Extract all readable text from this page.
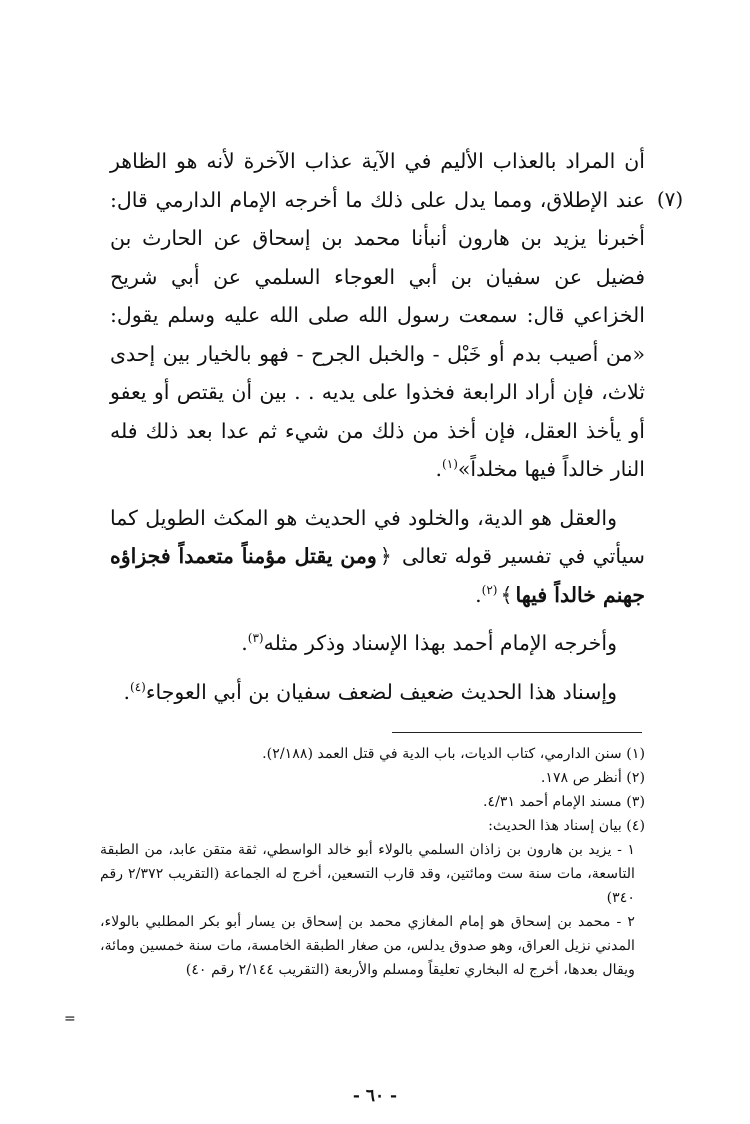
(٧)

أن المراد بالعذاب الأليم في الآية عذاب الآخرة لأنه هو الظاهر عند الإطلاق، ومما يدل على ذلك ما أخرجه الإمام الدارمي قال: أخبرنا يزيد بن هارون أنبأنا محمد بن إسحاق عن الحارث بن فضيل عن سفيان بن أبي العوجاء السلمي عن أبي شريح الخزاعي قال: سمعت رسول الله صلى الله عليه وسلم يقول: «من أصيب بدم أو خَبْل - والخبل الجرح - فهو بالخيار بين إحدى ثلاث، فإن أراد الرابعة فخذوا على يديه . . بين أن يقتص أو يعفو أو يأخذ العقل، فإن أخذ من ذلك من شيء ثم عدا بعد ذلك فله النار خالداً فيها مخلداً»$^{(١)}$.

والعقل هو الدية، والخلود في الحديث هو المكث الطويل كما سيأتي في تفسير قوله تعالى ﴿ومن يقتل مؤمناً متعمداً فجزاؤه جهنم خالداً فيها﴾$^{(٢)}$.

وأخرجه الإمام أحمد بهذا الإسناد وذكر مثله$^{(٣)}$.

وإسناد هذا الحديث ضعيف لضعف سفيان بن أبي العوجاء$^{(٤)}$.

(١) سنن الدارمي، كتاب الديات، باب الدية في قتل العمد (٢/١٨٨).

(٢) أنظر ص ١٧٨.

(٣) مسند الإمام أحمد ٤/٣١.

(٤) بيان إسناد هذا الحديث:

١ - يزيد بن هارون بن زاذان السلمي بالولاء أبو خالد الواسطي، ثقة متقن عابد، من الطبقة التاسعة، مات سنة ست ومائتين، وقد قارب التسعين، أخرج له الجماعة (التقريب ٢/٣٧٢ رقم ٣٤٠)

٢ - محمد بن إسحاق هو إمام المغازي محمد بن إسحاق بن يسار أبو بكر المطلبي بالولاء، المدني نزيل العراق، وهو صدوق يدلس، من صغار الطبقة الخامسة، مات سنة خمسين ومائة، ويقال بعدها، أخرج له البخاري تعليقاً ومسلم والأربعة (التقريب ٢/١٤٤ رقم ٤٠)

=
- ٦٠ -
